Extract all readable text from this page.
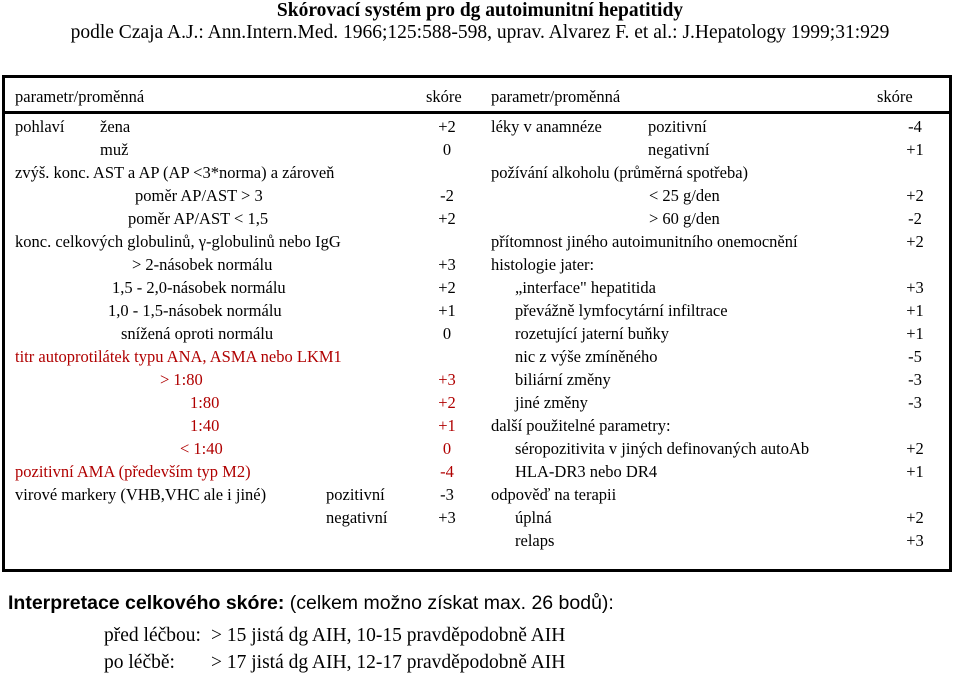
Skórovací systém pro dg autoimunitní hepatitidy
podle Czaja A.J.: Ann.Intern.Med. 1966;125:588-598, uprav. Alvarez F. et al.: J.Hepatology 1999;31:929
parametr/proměnná	skóre parametr/proměnná	skóre
pohlaví žena	+2
muž	0
zvýš. konc. AST a AP (AP <3*norma) a zároveň
poměr AP/AST > 3	-2
poměr AP/AST < 1,5	+2
konc. celkových globulinů, γ-globulinů nebo IgG
> 2-násobek normálu	+3
1,5 - 2,0-násobek normálu	+2
1,0 - 1,5-násobek normálu	+1
snížená oproti normálu	0
titr autoprotilátek typu ANA, ASMA nebo LKM1
> 1:80	+3
1:80	+2
1:40	+1
< 1:40	0
pozitivní AMA (především typ M2)	-4
virové markery (VHB,VHC ale i jiné)	pozitivní	-3
negativní	+3
léky v anamnéze	pozitivní	-4
negativní	+1
požívání alkoholu (průměrná spotřeba)
< 25 g/den	+2
> 60 g/den	-2
přítomnost jiného autoimunitního onemocnění	+2
histologie jater:
„interface" hepatitida	+3
převážně lymfocytární infiltrace	+1
rozetující jaterní buňky	+1
nic z výše zmíněného	-5
biliární změny	-3
jiné změny	-3
další použitelné parametry:
séropozitivita v jiných definovaných autoAb	+2
HLA-DR3 nebo DR4	+1
odpověď na terapii
úplná	+2
relaps	+3
Interpretace celkového skóre: (celkem možno získat max. 26 bodů):
před léčbou: > 15 jistá dg AIH, 10-15 pravděpodobně AIH
po léčbě: > 17 jistá dg AIH, 12-17 pravděpodobně AIH
